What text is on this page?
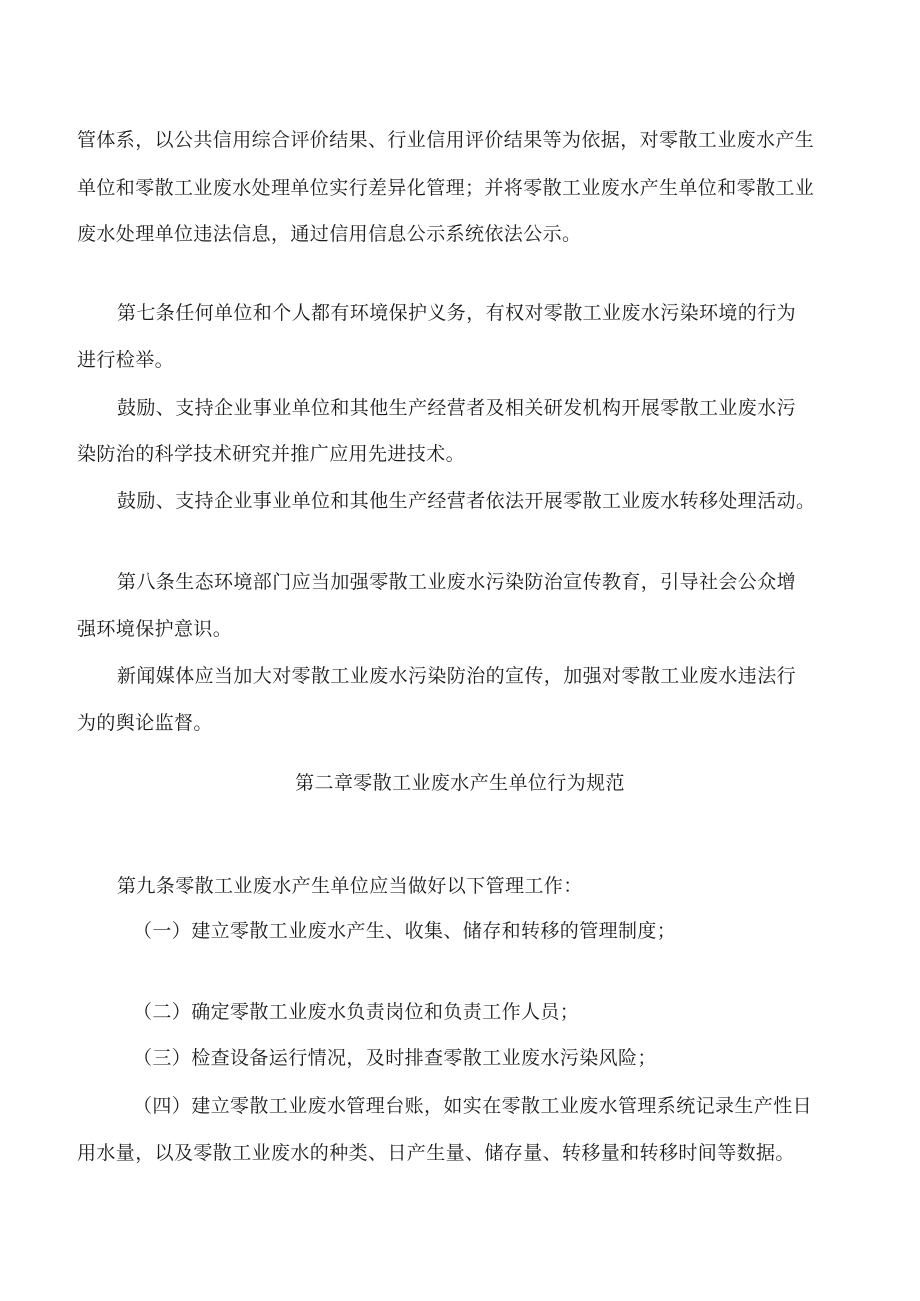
管体系，以公共信用综合评价结果、行业信用评价结果等为依据，对零散工业废水产生
单位和零散工业废水处理单位实行差异化管理；并将零散工业废水产生单位和零散工业
废水处理单位违法信息，通过信用信息公示系统依法公示。
第七条任何单位和个人都有环境保护义务，有权对零散工业废水污染环境的行为
进行检举。
鼓励、支持企业事业单位和其他生产经营者及相关研发机构开展零散工业废水污
染防治的科学技术研究并推广应用先进技术。
鼓励、支持企业事业单位和其他生产经营者依法开展零散工业废水转移处理活动。
第八条生态环境部门应当加强零散工业废水污染防治宣传教育，引导社会公众增
强环境保护意识。
新闻媒体应当加大对零散工业废水污染防治的宣传，加强对零散工业废水违法行
为的舆论监督。
第二章零散工业废水产生单位行为规范
第九条零散工业废水产生单位应当做好以下管理工作：
（一）建立零散工业废水产生、收集、储存和转移的管理制度；
（二）确定零散工业废水负责岗位和负责工作人员；
（三）检查设备运行情况，及时排查零散工业废水污染风险；
（四）建立零散工业废水管理台账，如实在零散工业废水管理系统记录生产性日
用水量，以及零散工业废水的种类、日产生量、储存量、转移量和转移时间等数据。
